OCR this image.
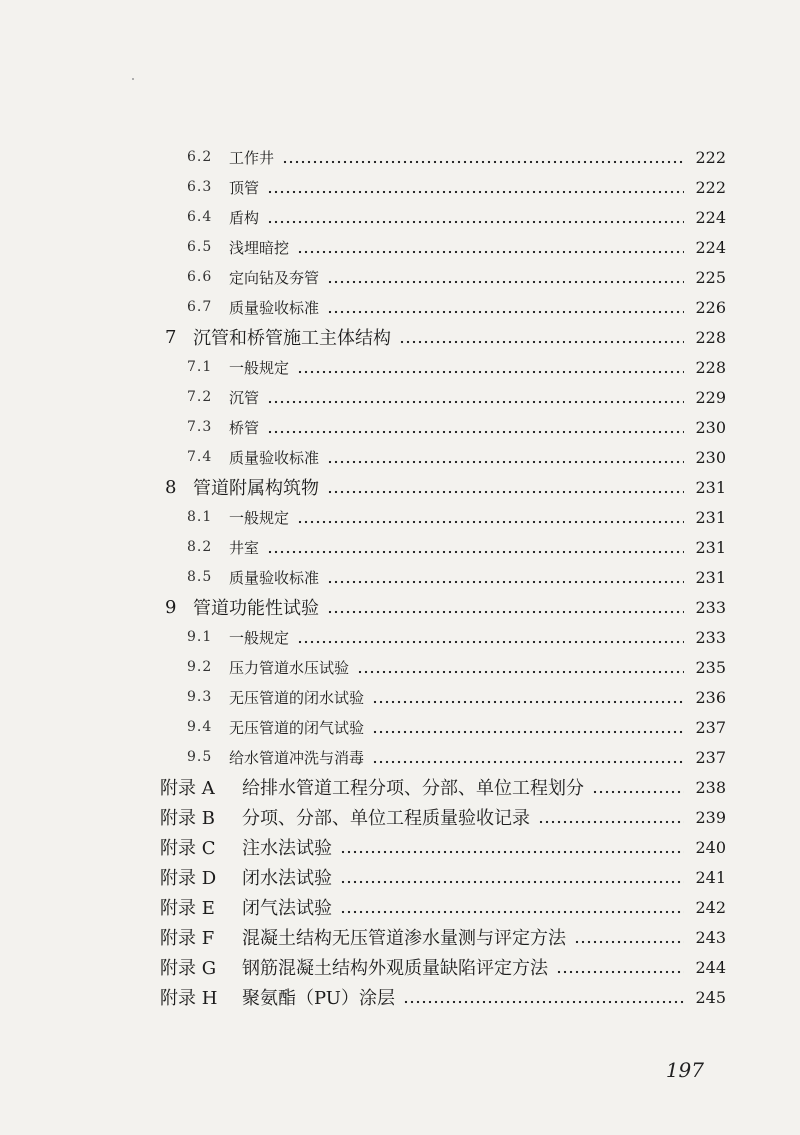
6.2	工作井	222
6.3	顶管	222
6.4	盾构	224
6.5	浅埋暗挖	224
6.6	定向钻及夯管	225
6.7	质量验收标准	226
7 沉管和桥管施工主体结构	228
7.1	一般规定	228
7.2	沉管	229
7.3	桥管	230
7.4	质量验收标准	230
8 管道附属构筑物	231
8.1	一般规定	231
8.2	井室	231
8.5	质量验收标准	231
9 管道功能性试验	233
9.1	一般规定	233
9.2	压力管道水压试验	235
9.3	无压管道的闭水试验	236
9.4	无压管道的闭气试验	237
9.5	给水管道冲洗与消毒	237
附录 A	给排水管道工程分项、分部、单位工程划分	238
附录 B	分项、分部、单位工程质量验收记录	239
附录 C	注水法试验	240
附录 D	闭水法试验	241
附录 E	闭气法试验	242
附录 F	混凝土结构无压管道渗水量测与评定方法	243
附录 G	钢筋混凝土结构外观质量缺陷评定方法	244
附录 H	聚氨酯（PU）涂层	245
197
